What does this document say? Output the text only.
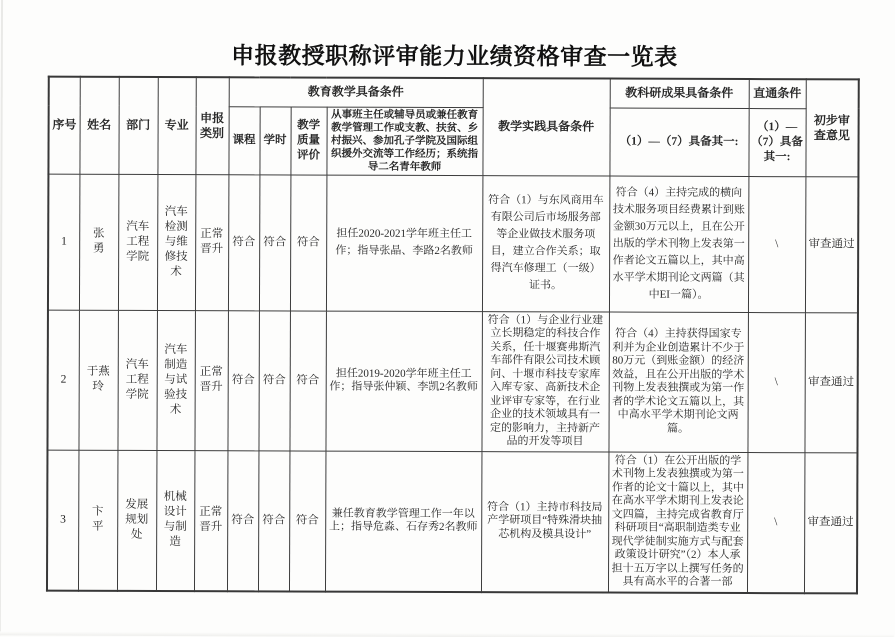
申报教授职称评审能力业绩资格审查一览表
序号	姓名	部门	专业	申报类别	教育教学具备条件				教学实践具备条件	教科研成果具备条件	直通条件	初步审查意见
					课程	学时	教学质量评价	从事班主任或辅导员或兼任教育教学管理工作或支教、扶贫、乡村振兴、参加孔子学院及国际组织援外交流等工作经历；系统指导二名青年教师		（1）—（7）具备其一:	（1）—（7）具备其一:	
1	张　勇	汽车工程学院	汽车检测与维修技术	正常晋升	符合	符合	符合	担任2020-2021学年班主任工作；指导张晶、李路2名教师	符合（1）与东风商用车有限公司后市场服务部等企业做技术服务项目，建立合作关系；取得汽车修理工（一级）证书。	符合（4）主持完成的横向技术服务项目经费累计到账金额30万元以上，且在公开出版的学术刊物上发表第一作者论文五篇以上，其中高水平学术期刊论文两篇（其中EI一篇）。	\	审查通过
2	于燕玲	汽车工程学院	汽车制造与试验技术	正常晋升	符合	符合	符合	担任2019-2020学年班主任工作；指导张仲颖、李凯2名教师	符合（1）与企业行业建立长期稳定的科技合作关系，任十堰赛弗斯汽车部件有限公司技术顾问、十堰市科技专家库入库专家、高新技术企业评审专家等，在行业企业的技术领域具有一定的影响力，主持新产品的开发等项目	符合（4）主持获得国家专利并为企业创造累计不少于80万元（到账金额）的经济效益，且在公开出版的学术刊物上发表独撰或为第一作者的学术论文五篇以上，其中高水平学术期刊论文两篇。	\	审查通过
3	卞　平	发展规划处	机械设计与制造	正常晋升	符合	符合	符合	兼任教育教学管理工作一年以上；指导危淼、石存秀2名教师	符合（1）主持市科技局产学研项目“特殊滑块抽芯机构及模具设计”	符合（1）在公开出版的学术刊物上发表独撰或为第一作者的论文十篇以上，其中在高水平学术期刊上发表论文四篇，主持完成省教育厅科研项目“高职制造类专业现代学徒制实施方式与配套政策设计研究”（2）本人承担十五万字以上撰写任务的具有高水平的合著一部	\	审查通过
